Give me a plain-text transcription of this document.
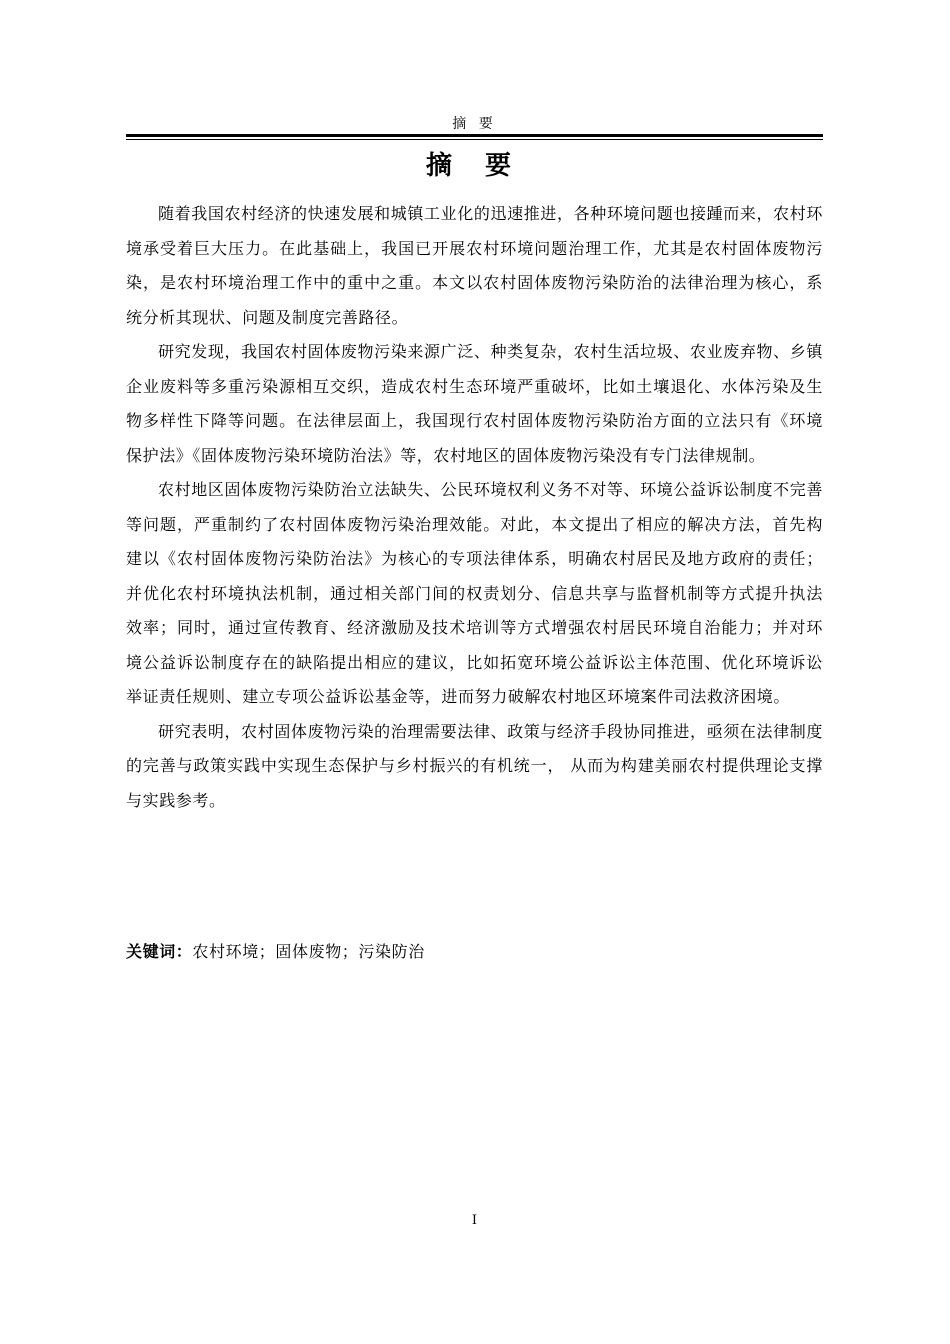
摘 要
摘 要

随着我国农村经济的快速发展和城镇工业化的迅速推进，各种环境问题也接踵而来，农村环境承受着巨大压力。在此基础上，我国已开展农村环境问题治理工作，尤其是农村固体废物污染，是农村环境治理工作中的重中之重。本文以农村固体废物污染防治的法律治理为核心，系统分析其现状、问题及制度完善路径。

研究发现，我国农村固体废物污染来源广泛、种类复杂，农村生活垃圾、农业废弃物、乡镇企业废料等多重污染源相互交织，造成农村生态环境严重破坏，比如土壤退化、水体污染及生物多样性下降等问题。在法律层面上，我国现行农村固体废物污染防治方面的立法只有《环境保护法》《固体废物污染环境防治法》等，农村地区的固体废物污染没有专门法律规制。

农村地区固体废物污染防治立法缺失、公民环境权利义务不对等、环境公益诉讼制度不完善等问题，严重制约了农村固体废物污染治理效能。对此，本文提出了相应的解决方法，首先构建以《农村固体废物污染防治法》为核心的专项法律体系，明确农村居民及地方政府的责任；并优化农村环境执法机制，通过相关部门间的权责划分、信息共享与监督机制等方式提升执法效率；同时，通过宣传教育、经济激励及技术培训等方式增强农村居民环境自治能力；并对环境公益诉讼制度存在的缺陷提出相应的建议，比如拓宽环境公益诉讼主体范围、优化环境诉讼举证责任规则、建立专项公益诉讼基金等，进而努力破解农村地区环境案件司法救济困境。

研究表明，农村固体废物污染的治理需要法律、政策与经济手段协同推进，亟须在法律制度的完善与政策实践中实现生态保护与乡村振兴的有机统一， 从而为构建美丽农村提供理论支撑与实践参考。

关键词：农村环境；固体废物；污染防治
I
